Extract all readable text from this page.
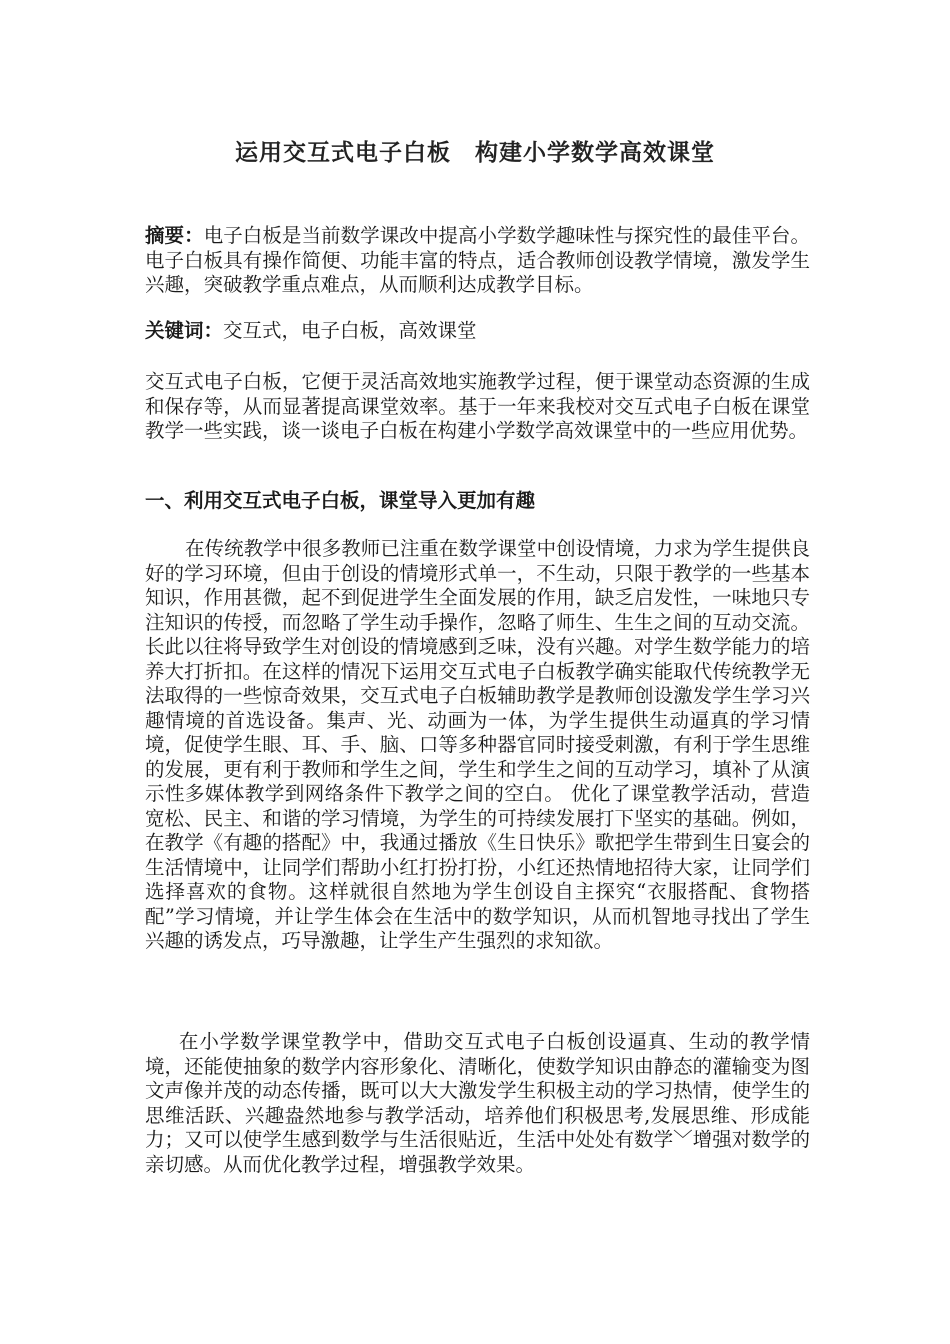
运用交互式电子白板　构建小学数学高效课堂
摘要：电子白板是当前数学课改中提高小学数学趣味性与探究性的最佳平台。电子白板具有操作简便、功能丰富的特点，适合教师创设教学情境，激发学生兴趣，突破教学重点难点，从而顺利达成教学目标。
关键词：交互式，电子白板，高效课堂
交互式电子白板，它便于灵活高效地实施教学过程，便于课堂动态资源的生成和保存等，从而显著提高课堂效率。基于一年来我校对交互式电子白板在课堂教学一些实践，谈一谈电子白板在构建小学数学高效课堂中的一些应用优势。
一、利用交互式电子白板，课堂导入更加有趣
在传统教学中很多教师已注重在数学课堂中创设情境，力求为学生提供良好的学习环境，但由于创设的情境形式单一，不生动，只限于教学的一些基本知识，作用甚微，起不到促进学生全面发展的作用，缺乏启发性，一味地只专注知识的传授，而忽略了学生动手操作，忽略了师生、生生之间的互动交流。长此以往将导致学生对创设的情境感到乏味，没有兴趣。对学生数学能力的培养大打折扣。在这样的情况下运用交互式电子白板教学确实能取代传统教学无法取得的一些惊奇效果，交互式电子白板辅助教学是教师创设激发学生学习兴趣情境的首选设备。集声、光、动画为一体，为学生提供生动逼真的学习情境，促使学生眼、耳、手、脑、口等多种器官同时接受刺激，有利于学生思维的发展，更有利于教师和学生之间，学生和学生之间的互动学习，填补了从演示性多媒体教学到网络条件下教学之间的空白。 优化了课堂教学活动，营造宽松、民主、和谐的学习情境，为学生的可持续发展打下坚实的基础。例如，在教学《有趣的搭配》中，我通过播放《生日快乐》歌把学生带到生日宴会的生活情境中，让同学们帮助小红打扮打扮，小红还热情地招待大家，让同学们选择喜欢的食物。这样就很自然地为学生创设自主探究“衣服搭配、食物搭配”学习情境，并让学生体会在生活中的数学知识，从而机智地寻找出了学生兴趣的诱发点，巧导激趣，让学生产生强烈的求知欲。
在小学数学课堂教学中，借助交互式电子白板创设逼真、生动的教学情境，还能使抽象的数学内容形象化、清晰化，使数学知识由静态的灌输变为图文声像并茂的动态传播，既可以大大激发学生积极主动的学习热情，使学生的思维活跃、兴趣盎然地参与教学活动，培养他们积极思考,发展思维、形成能力；又可以使学生感到数学与生活很贴近，生活中处处有数学﹀增强对数学的亲切感。从而优化教学过程，增强教学效果。
